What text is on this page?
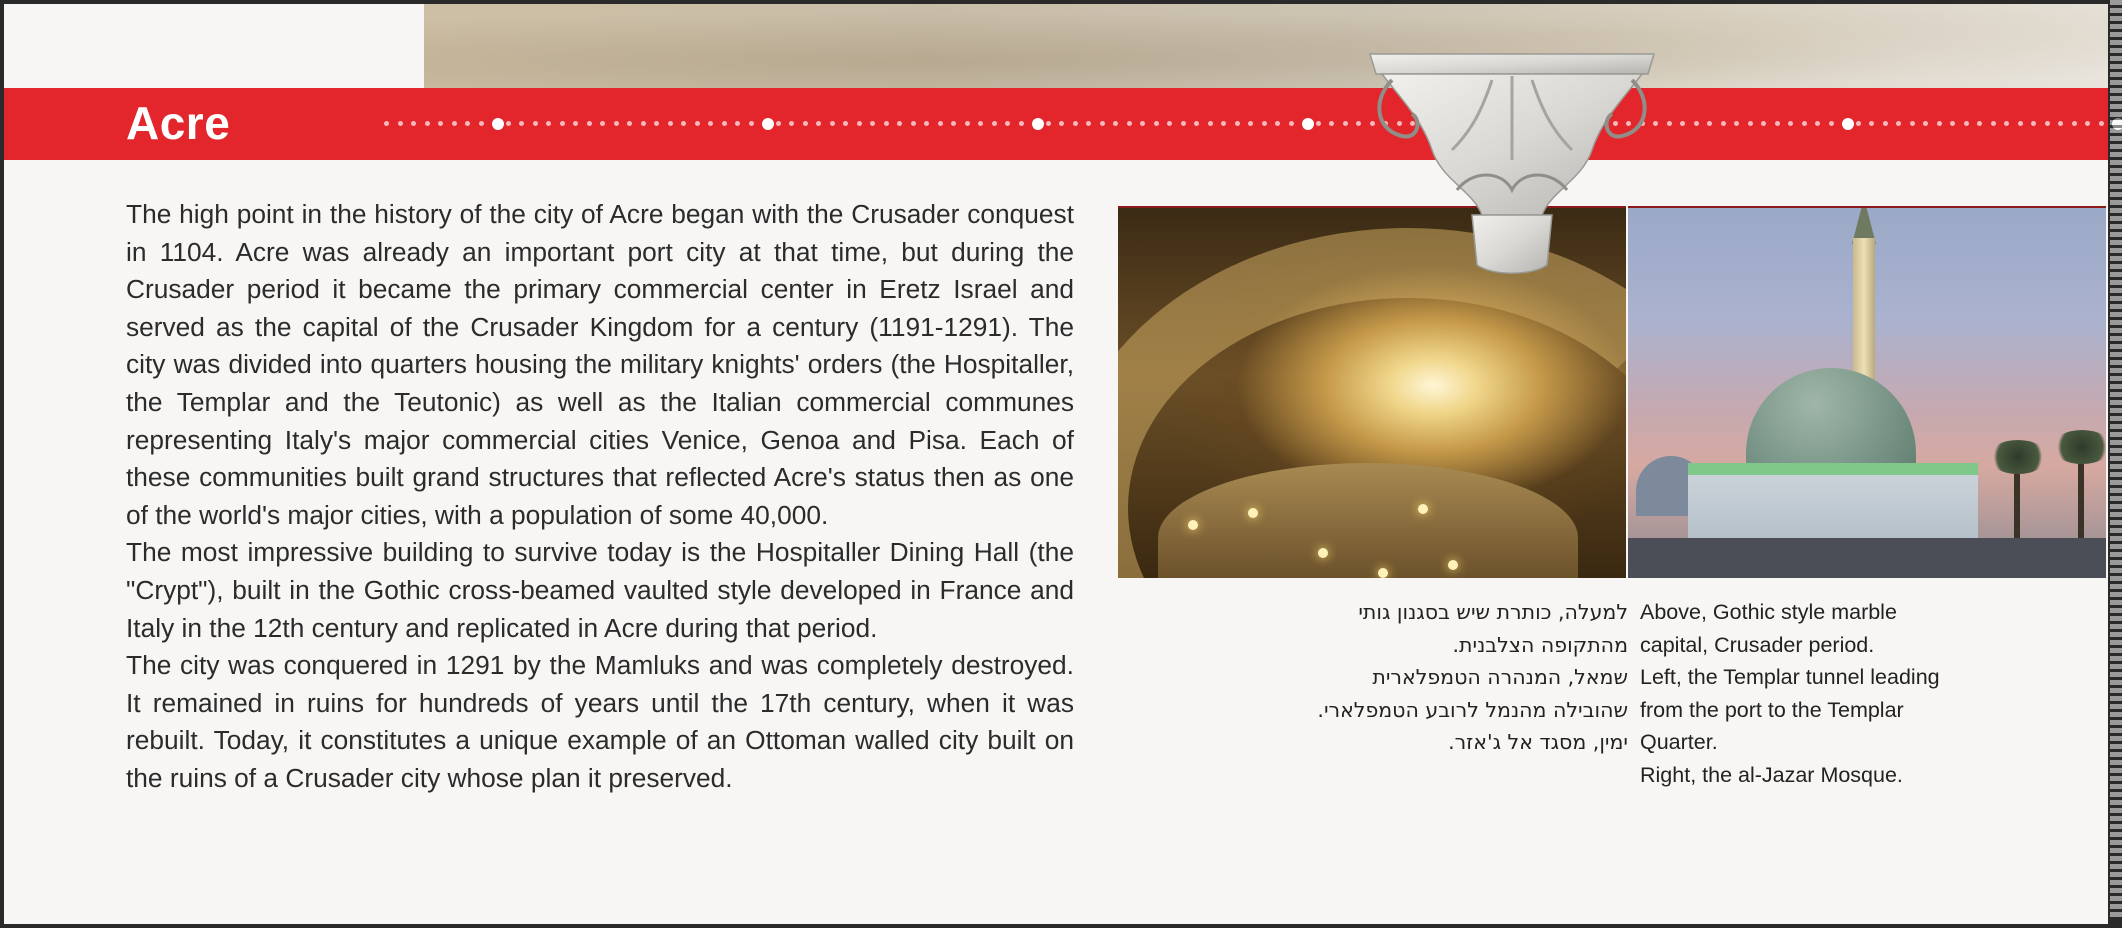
Acre

The high point in the history of the city of Acre began with the Crusader conquest in 1104. Acre was already an important port city at that time, but during the Crusader period it became the primary commercial center in Eretz Israel and served as the capital of the Crusader Kingdom for a century (1191-1291). The city was divided into quarters housing the military knights' orders (the Hospitaller, the Templar and the Teutonic) as well as the Italian commercial communes representing Italy's major commercial cities Venice, Genoa and Pisa. Each of these communities built grand structures that reflected Acre's status then as one of the world's major cities, with a population of some 40,000.

The most impressive building to survive today is the Hospitaller Dining Hall (the "Crypt"), built in the Gothic cross-beamed vaulted style developed in France and Italy in the 12th century and replicated in Acre during that period.

The city was conquered in 1291 by the Mamluks and was completely destroyed. It remained in ruins for hundreds of years until the 17th century, when it was rebuilt. Today, it constitutes a unique example of an Ottoman walled city built on the ruins of a Crusader city whose plan it preserved.

למעלה, כותרת שיש בסגנון גותי
מהתקופה הצלבנית.
שמאל, המנהרה הטמפלארית
שהובילה מהנמל לרובע הטמפלארי.
ימין, מסגד אל ג'אזר.
Above, Gothic style marble
capital, Crusader period.
Left, the Templar tunnel leading
from the port to the Templar
Quarter.
Right, the al-Jazar Mosque.
